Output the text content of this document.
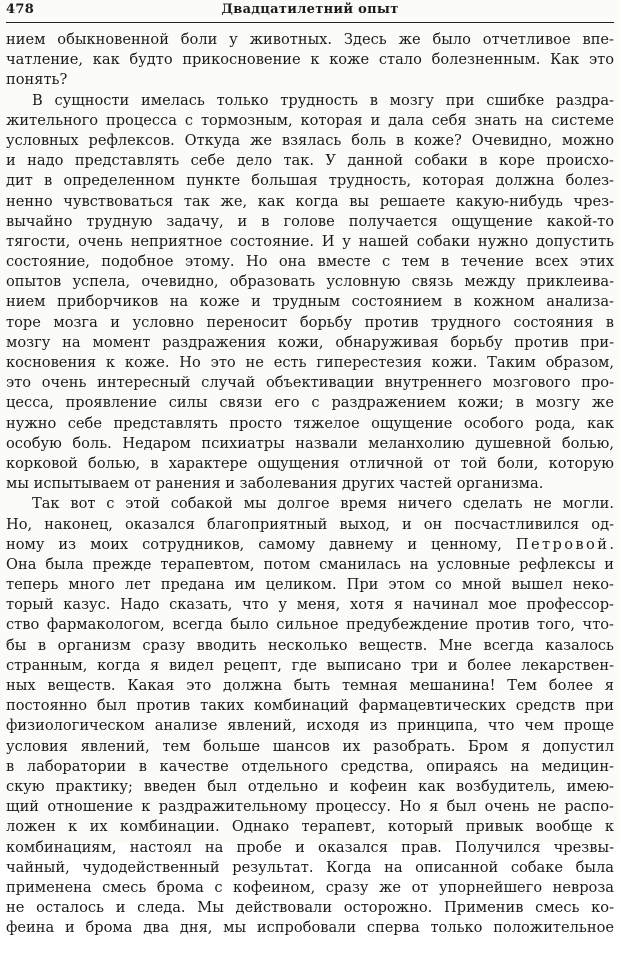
478	Двадцатилетний опыт
нием обыкновенной боли у животных. Здесь же было отчетливое впе-
чатление, как будто прикосновение к коже стало болезненным. Как это
понять?
В сущности имелась только трудность в мозгу при сшибке раздра-
жительного процесса с тормозным, которая и дала себя знать на системе
условных рефлексов. Откуда же взялась боль в коже? Очевидно, можно
и надо представлять себе дело так. У данной собаки в коре происхо-
дит в определенном пункте большая трудность, которая должна болез-
ненно чувствоваться так же, как когда вы решаете какую-нибудь чрез-
вычайно трудную задачу, и в голове получается ощущение какой-то
тягости, очень неприятное состояние. И у нашей собаки нужно допустить
состояние, подобное этому. Но она вместе с тем в течение всех этих
опытов успела, очевидно, образовать условную связь между приклеива-
нием приборчиков на коже и трудным состоянием в кожном анализа-
торе мозга и условно переносит борьбу против трудного состояния в
мозгу на момент раздражения кожи, обнаруживая борьбу против при-
косновения к коже. Но это не есть гиперестезия кожи. Таким образом,
это очень интересный случай объективации внутреннего мозгового про-
цесса, проявление силы связи его с раздражением кожи; в мозгу же
нужно себе представлять просто тяжелое ощущение особого рода, как
особую боль. Недаром психиатры назвали меланхолию душевной болью,
корковой болью, в характере ощущения отличной от той боли, которую
мы испытываем от ранения и заболевания других частей организма.
Так вот с этой собакой мы долгое время ничего сделать не могли.
Но, наконец, оказался благоприятный выход, и он посчастливился од-
ному из моих сотрудников, самому давнему и ценному, Петровой.
Она была прежде терапевтом, потом сманилась на условные рефлексы и
теперь много лет предана им целиком. При этом со мной вышел неко-
торый казус. Надо сказать, что у меня, хотя я начинал мое профессор-
ство фармакологом, всегда было сильное предубеждение против того, что-
бы в организм сразу вводить несколько веществ. Мне всегда казалось
странным, когда я видел рецепт, где выписано три и более лекарствен-
ных веществ. Какая это должна быть темная мешанина! Тем более я
постоянно был против таких комбинаций фармацевтических средств при
физиологическом анализе явлений, исходя из принципа, что чем проще
условия явлений, тем больше шансов их разобрать. Бром я допустил
в лаборатории в качестве отдельного средства, опираясь на медицин-
скую практику; введен был отдельно и кофеин как возбудитель, имею-
щий отношение к раздражительному процессу. Но я был очень не распо-
ложен к их комбинации. Однако терапевт, который привык вообще к
комбинациям, настоял на пробе и оказался прав. Получился чрезвы-
чайный, чудодейственный результат. Когда на описанной собаке была
применена смесь брома с кофеином, сразу же от упорнейшего невроза
не осталось и следа. Мы действовали осторожно. Применив смесь ко-
феина и брома два дня, мы испробовали сперва только положительное
